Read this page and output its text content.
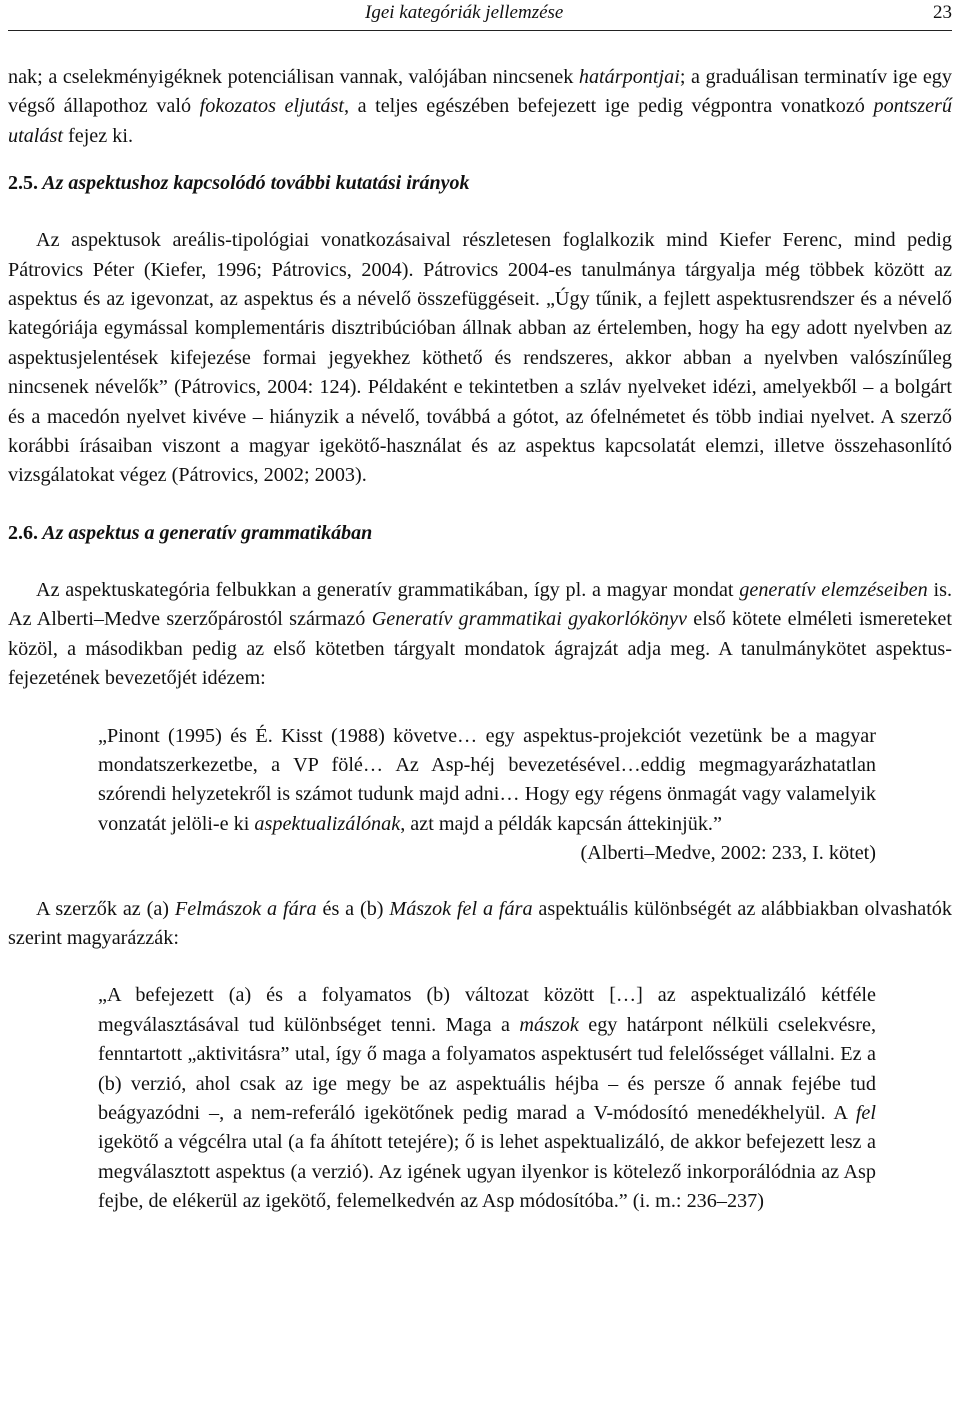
Igei kategóriák jellemzése	23

nak; a cselekményigéknek potenciálisan vannak, valójában nincsenek határpontjai; a graduálisan terminatív ige egy végső állapothoz való fokozatos eljutást, a teljes egészében befejezett ige pedig végpontra vonatkozó pontszerű utalást fejez ki.

2.5. Az aspektushoz kapcsolódó további kutatási irányok

Az aspektusok areális-tipológiai vonatkozásaival részletesen foglalkozik mind Kiefer Ferenc, mind pedig Pátrovics Péter (Kiefer, 1996; Pátrovics, 2004). Pátrovics 2004-es tanulmánya tárgyalja még többek között az aspektus és az igevonzat, az aspektus és a névelő összefüggéseit. „Úgy tűnik, a fejlett aspektusrendszer és a névelő kategóriája egymással komplementáris disztribúcióban állnak abban az értelemben, hogy ha egy adott nyelvben az aspektusjelentések kifejezése formai jegyekhez köthető és rendszeres, akkor abban a nyelvben valószínűleg nincsenek névelők” (Pátrovics, 2004: 124). Példaként e tekintetben a szláv nyelveket idézi, amelyekből – a bolgárt és a macedón nyelvet kivéve – hiányzik a névelő, továbbá a gótot, az ófelnémetet és több indiai nyelvet. A szerző korábbi írásaiban viszont a magyar igekötő-használat és az aspektus kapcsolatát elemzi, illetve összehasonlító vizsgálatokat végez (Pátrovics, 2002; 2003).

2.6. Az aspektus a generatív grammatikában

Az aspektuskategória felbukkan a generatív grammatikában, így pl. a magyar mondat generatív elemzéseiben is. Az Alberti–Medve szerzőpárostól származó Generatív grammatikai gyakorlókönyv első kötete elméleti ismereteket közöl, a másodikban pedig az első kötetben tárgyalt mondatok ágrajzát adja meg. A tanulmánykötet aspektus-fejezetének bevezetőjét idézem:

„Pinont (1995) és É. Kisst (1988) követve… egy aspektus-projekciót vezetünk be a magyar mondatszerkezetbe, a VP fölé… Az Asp-héj bevezetésével…eddig megmagyarázhatatlan szórendi helyzetekről is számot tudunk majd adni… Hogy egy régens önmagát vagy valamelyik vonzatát jelöli-e ki aspektualizálónak, azt majd a példák kapcsán áttekinjük.”

(Alberti–Medve, 2002: 233, I. kötet)

A szerzők az (a) Felmászok a fára és a (b) Mászok fel a fára aspektuális különbségét az alábbiakban olvashatók szerint magyarázzák:

„A befejezett (a) és a folyamatos (b) változat között […] az aspektualizáló kétféle megválasztásával tud különbséget tenni. Maga a mászok egy határpont nélküli cselekvésre, fenntartott „aktivitásra” utal, így ő maga a folyamatos aspektusért tud felelősséget vállalni. Ez a (b) verzió, ahol csak az ige megy be az aspektuális héjba – és persze ő annak fejébe tud beágyazódni –, a nem-referáló igekötőnek pedig marad a V-módosító menedékhelyül. A fel igekötő a végcélra utal (a fa áhított tetejére); ő is lehet aspektualizáló, de akkor befejezett lesz a megválasztott aspektus (a verzió). Az igének ugyan ilyenkor is kötelező inkorporálódnia az Asp fejbe, de elékerül az igekötő, felemelkedvén az Asp módosítóba.” (i. m.: 236–237)
